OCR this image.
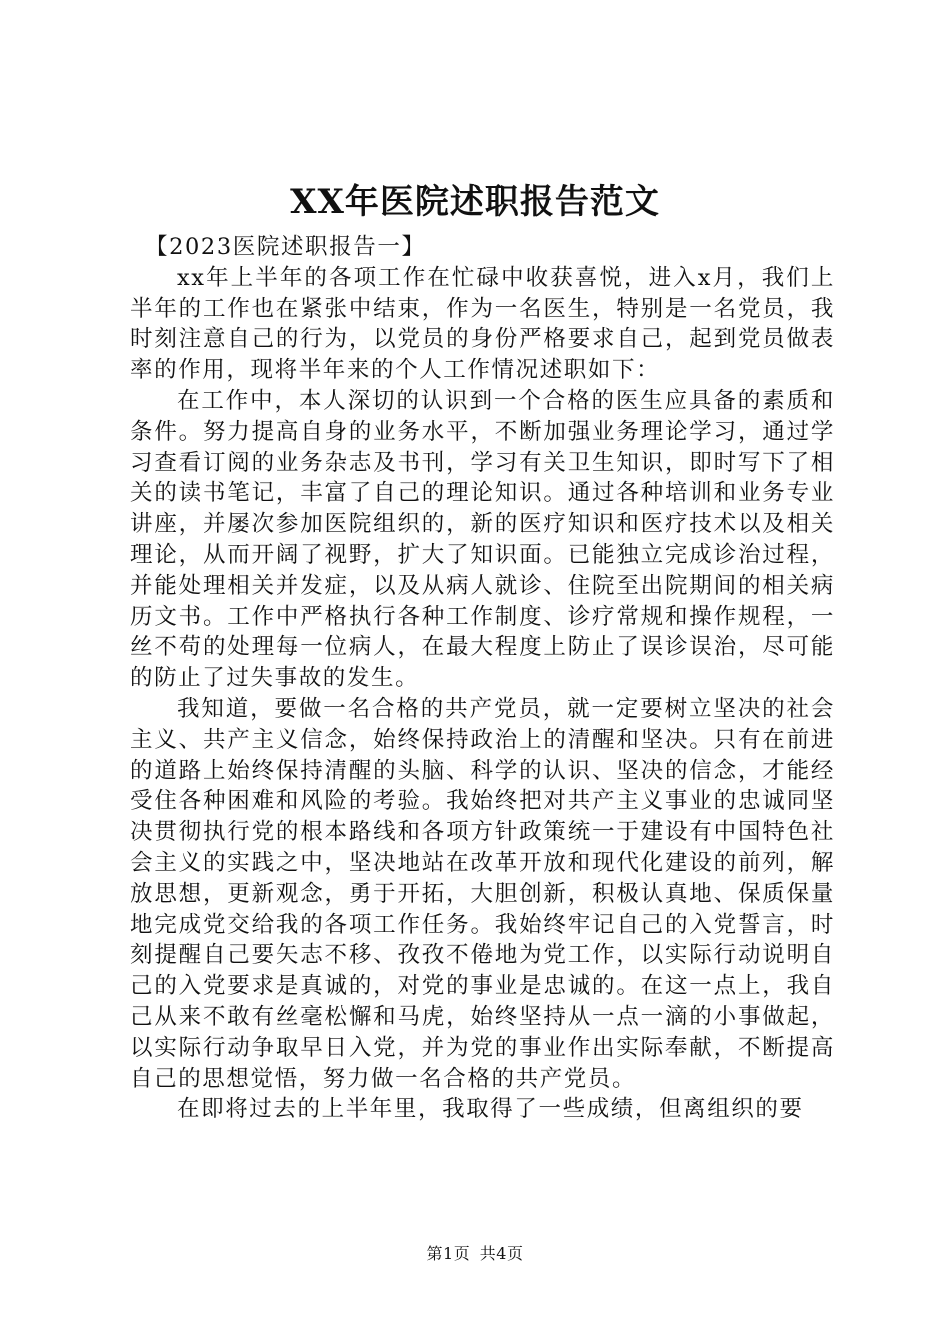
XX年医院述职报告范文

【2023医院述职报告一】

xx年上半年的各项工作在忙碌中收获喜悦，进入x月，我们上半年的工作也在紧张中结束，作为一名医生，特别是一名党员，我时刻注意自己的行为，以党员的身份严格要求自己，起到党员做表率的作用，现将半年来的个人工作情况述职如下：

在工作中，本人深切的认识到一个合格的医生应具备的素质和条件。努力提高自身的业务水平，不断加强业务理论学习，通过学习查看订阅的业务杂志及书刊，学习有关卫生知识，即时写下了相关的读书笔记，丰富了自己的理论知识。通过各种培训和业务专业讲座，并屡次参加医院组织的，新的医疗知识和医疗技术以及相关理论，从而开阔了视野，扩大了知识面。已能独立完成诊治过程，并能处理相关并发症，以及从病人就诊、住院至出院期间的相关病历文书。工作中严格执行各种工作制度、诊疗常规和操作规程，一丝不苟的处理每一位病人，在最大程度上防止了误诊误治，尽可能的防止了过失事故的发生。

我知道，要做一名合格的共产党员，就一定要树立坚决的社会主义、共产主义信念，始终保持政治上的清醒和坚决。只有在前进的道路上始终保持清醒的头脑、科学的认识、坚决的信念，才能经受住各种困难和风险的考验。我始终把对共产主义事业的忠诚同坚决贯彻执行党的根本路线和各项方针政策统一于建设有中国特色社会主义的实践之中，坚决地站在改革开放和现代化建设的前列，解放思想，更新观念，勇于开拓，大胆创新，积极认真地、保质保量地完成党交给我的各项工作任务。我始终牢记自己的入党誓言，时刻提醒自己要矢志不移、孜孜不倦地为党工作，以实际行动说明自己的入党要求是真诚的，对党的事业是忠诚的。在这一点上，我自己从来不敢有丝毫松懈和马虎，始终坚持从一点一滴的小事做起，以实际行动争取早日入党，并为党的事业作出实际奉献，不断提高自己的思想觉悟，努力做一名合格的共产党员。

在即将过去的上半年里，我取得了一些成绩，但离组织的要

第1页 共4页
